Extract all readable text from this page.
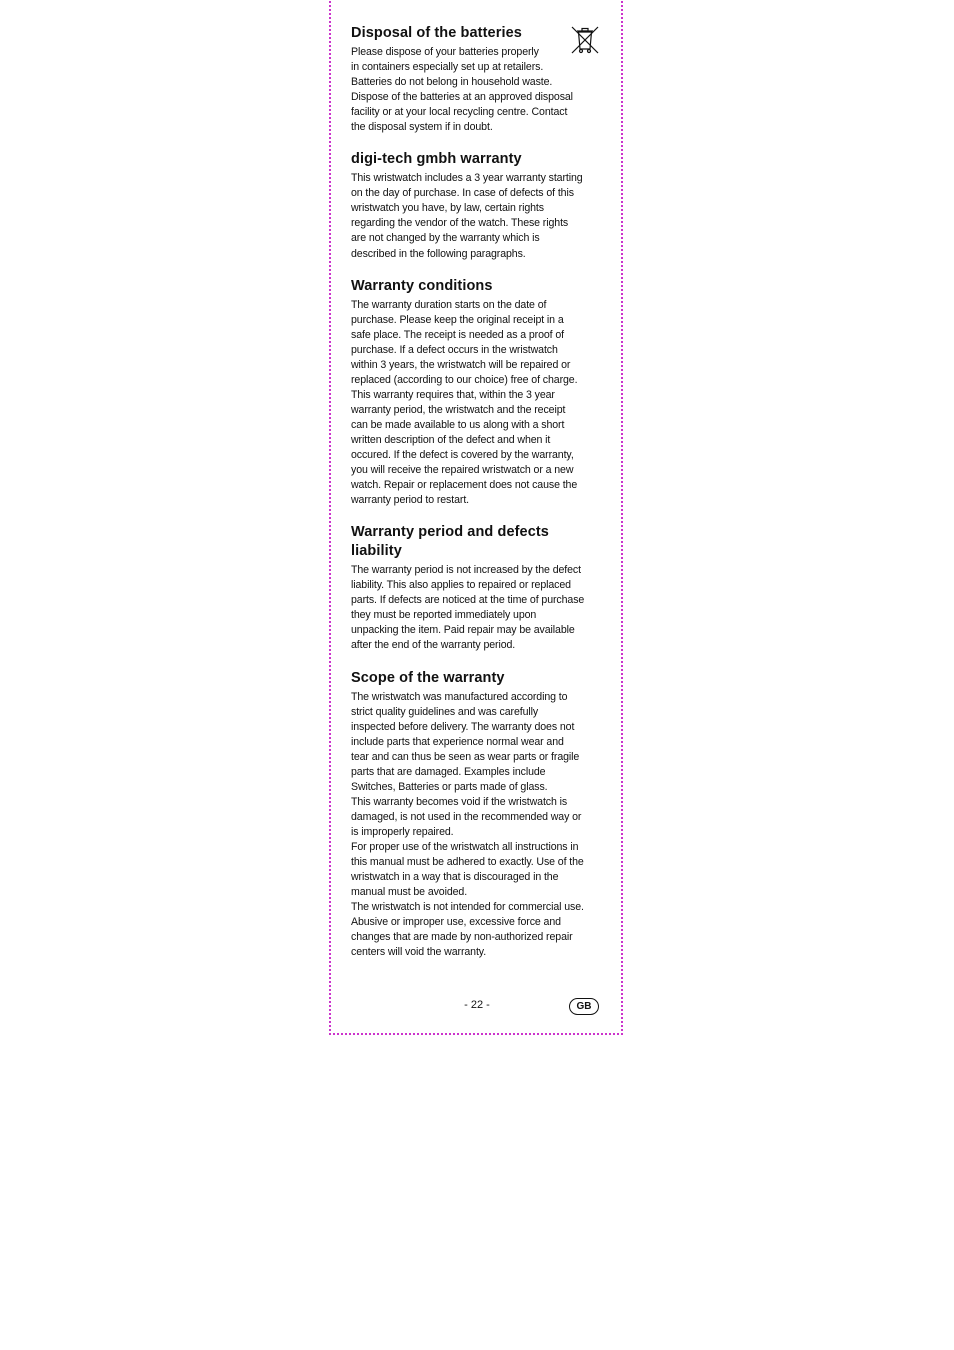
Disposal of the batteries

Please dispose of your batteries properly
in containers especially set up at retailers.
Batteries do not belong in household waste.
Dispose of the batteries at an approved disposal
facility or at your local recycling centre. Contact
the disposal system if in doubt.

digi-tech gmbh warranty

This wristwatch includes a 3 year warranty starting
on the day of purchase. In case of defects of this
wristwatch you have, by law, certain rights
regarding the vendor of the watch. These rights
are not changed by the warranty which is
described in the following paragraphs.

Warranty conditions

The warranty duration starts on the date of
purchase. Please keep the original receipt in a
safe place. The receipt is needed as a proof of
purchase. If a defect occurs in the wristwatch
within 3 years, the wristwatch will be repaired or
replaced (according to our choice) free of charge.
This warranty requires that, within the 3 year
warranty period, the wristwatch and the receipt
can be made available to us along with a short
written description of the defect and when it
occured. If the defect is covered by the warranty,
you will receive the repaired wristwatch or a new
watch. Repair or replacement does not cause the
warranty period to restart.

Warranty period and defects
liability

The warranty period is not increased by the defect
liability. This also applies to repaired or replaced
parts. If defects are noticed at the time of purchase
they must be reported immediately upon
unpacking the item. Paid repair may be available
after the end of the warranty period.

Scope of the warranty

The wristwatch was manufactured according to
strict quality guidelines and was carefully
inspected before delivery. The warranty does not
include parts that experience normal wear and
tear and can thus be seen as wear parts or fragile
parts that are damaged. Examples include
Switches, Batteries or parts made of glass.
This warranty becomes void if the wristwatch is
damaged, is not used in the recommended way or
is improperly repaired.
For proper use of the wristwatch all instructions in
this manual must be adhered to exactly. Use of the
wristwatch in a way that is discouraged in the
manual must be avoided.
The wristwatch is not intended for commercial use.
Abusive or improper use, excessive force and
changes that are made by non-authorized repair
centers will void the warranty.

- 22 -	GB
